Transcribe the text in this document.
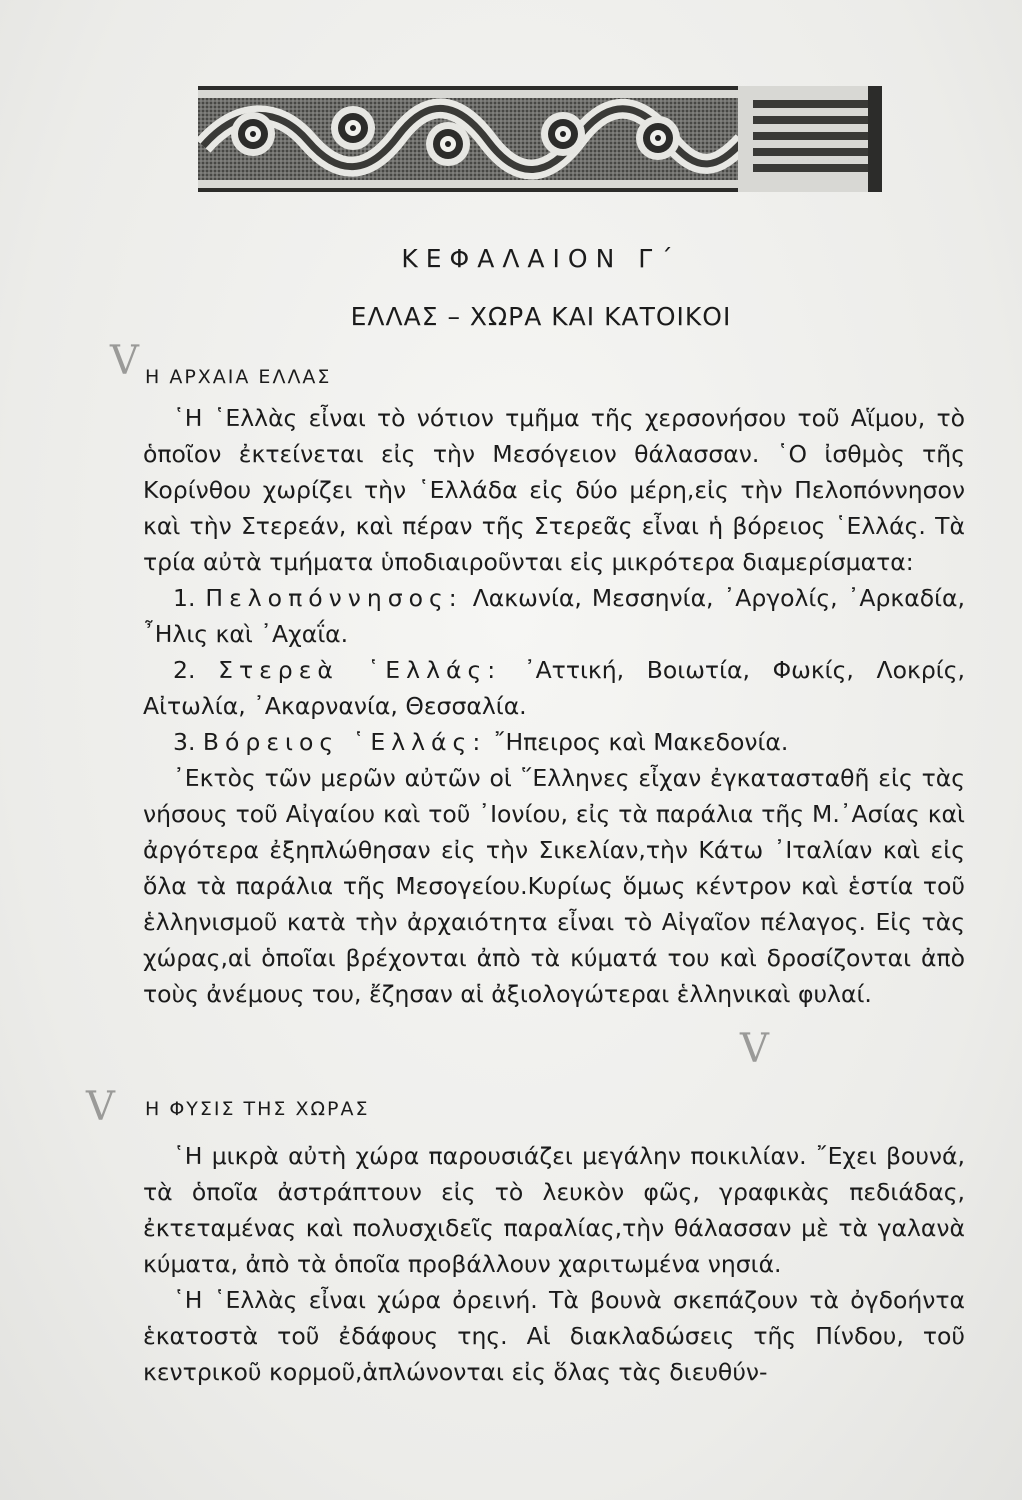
··· ··· ···· ··
ΚΕΦΑΛΑΙΟΝ Γ΄
ΕΛΛΑΣ – ΧΩΡΑ ΚΑΙ ΚΑΤΟΙΚΟΙ
V Η ΑΡΧΑΙΑ ΕΛΛΑΣ

῾Η ῾Ελλὰς εἶναι τὸ νότιον τμῆμα τῆς χερσονήσου τοῦ Αἵμου, τὸ ὁποῖον ἐκτείνεται εἰς τὴν Μεσόγειον θάλασσαν. ῾Ο ἰσθμὸς τῆς Κορίνθου χωρίζει τὴν ῾Ελλάδα εἰς δύο μέρη,εἰς τὴν Πελοπόννησον καὶ τὴν Στερεάν, καὶ πέραν τῆς Στερεᾶς εἶναι ἡ βόρειος ῾Ελλάς. Τὰ τρία αὐτὰ τμήματα ὑποδιαιροῦνται εἰς μικρότερα διαμερίσματα:

1. Πελοπόννησος: Λακωνία, Μεσσηνία, ᾿Αργολίς, ᾿Αρκαδία, ῏Ηλις καὶ ᾿Αχαΐα.

2. Στερεὰ ῾Ελλάς: ᾿Αττική, Βοιωτία, Φωκίς, Λοκρίς, Αἰτωλία, ᾿Ακαρνανία, Θεσσαλία.

3. Βόρειος ῾Ελλάς: ῎Ηπειρος καὶ Μακεδονία.

᾿Εκτὸς τῶν μερῶν αὐτῶν οἱ ῞Ελληνες εἶχαν ἐγκατασταθῆ εἰς τὰς νήσους τοῦ Αἰγαίου καὶ τοῦ ᾿Ιονίου, εἰς τὰ παράλια τῆς Μ.᾿Ασίας καὶ ἀργότερα ἐξηπλώθησαν εἰς τὴν Σικελίαν,τὴν Κάτω ᾿Ιταλίαν καὶ εἰς ὅλα τὰ παράλια τῆς Μεσογείου.Κυρίως ὅμως κέντρον καὶ ἑστία τοῦ ἑλληνισμοῦ κατὰ τὴν ἀρχαιότητα εἶναι τὸ Αἰγαῖον πέλαγος. Εἰς τὰς χώρας,αἱ ὁποῖαι βρέχονται ἀπὸ τὰ κύματά του καὶ δροσίζονται ἀπὸ τοὺς ἀνέμους του, ἔζησαν αἱ ἀξιολογώτεραι ἑλληνικαὶ φυλαί.

V
V Η ΦΥΣΙΣ ΤΗΣ ΧΩΡΑΣ

῾Η μικρὰ αὐτὴ χώρα παρουσιάζει μεγάλην ποικιλίαν. ῎Εχει βουνά, τὰ ὁποῖα ἀστράπτουν εἰς τὸ λευκὸν φῶς, γραφικὰς πεδιάδας, ἐκτεταμένας καὶ πολυσχιδεῖς παραλίας,τὴν θάλασσαν μὲ τὰ γαλανὰ κύματα, ἀπὸ τὰ ὁποῖα προβάλλουν χαριτωμένα νησιά.

῾Η ῾Ελλὰς εἶναι χώρα ὀρεινή. Τὰ βουνὰ σκεπάζουν τὰ ὀγδοήντα ἑκατοστὰ τοῦ ἐδάφους της. Αἱ διακλαδώσεις τῆς Πίνδου, τοῦ κεντρικοῦ κορμοῦ,ἁπλώνονται εἰς ὅλας τὰς διευθύν-
